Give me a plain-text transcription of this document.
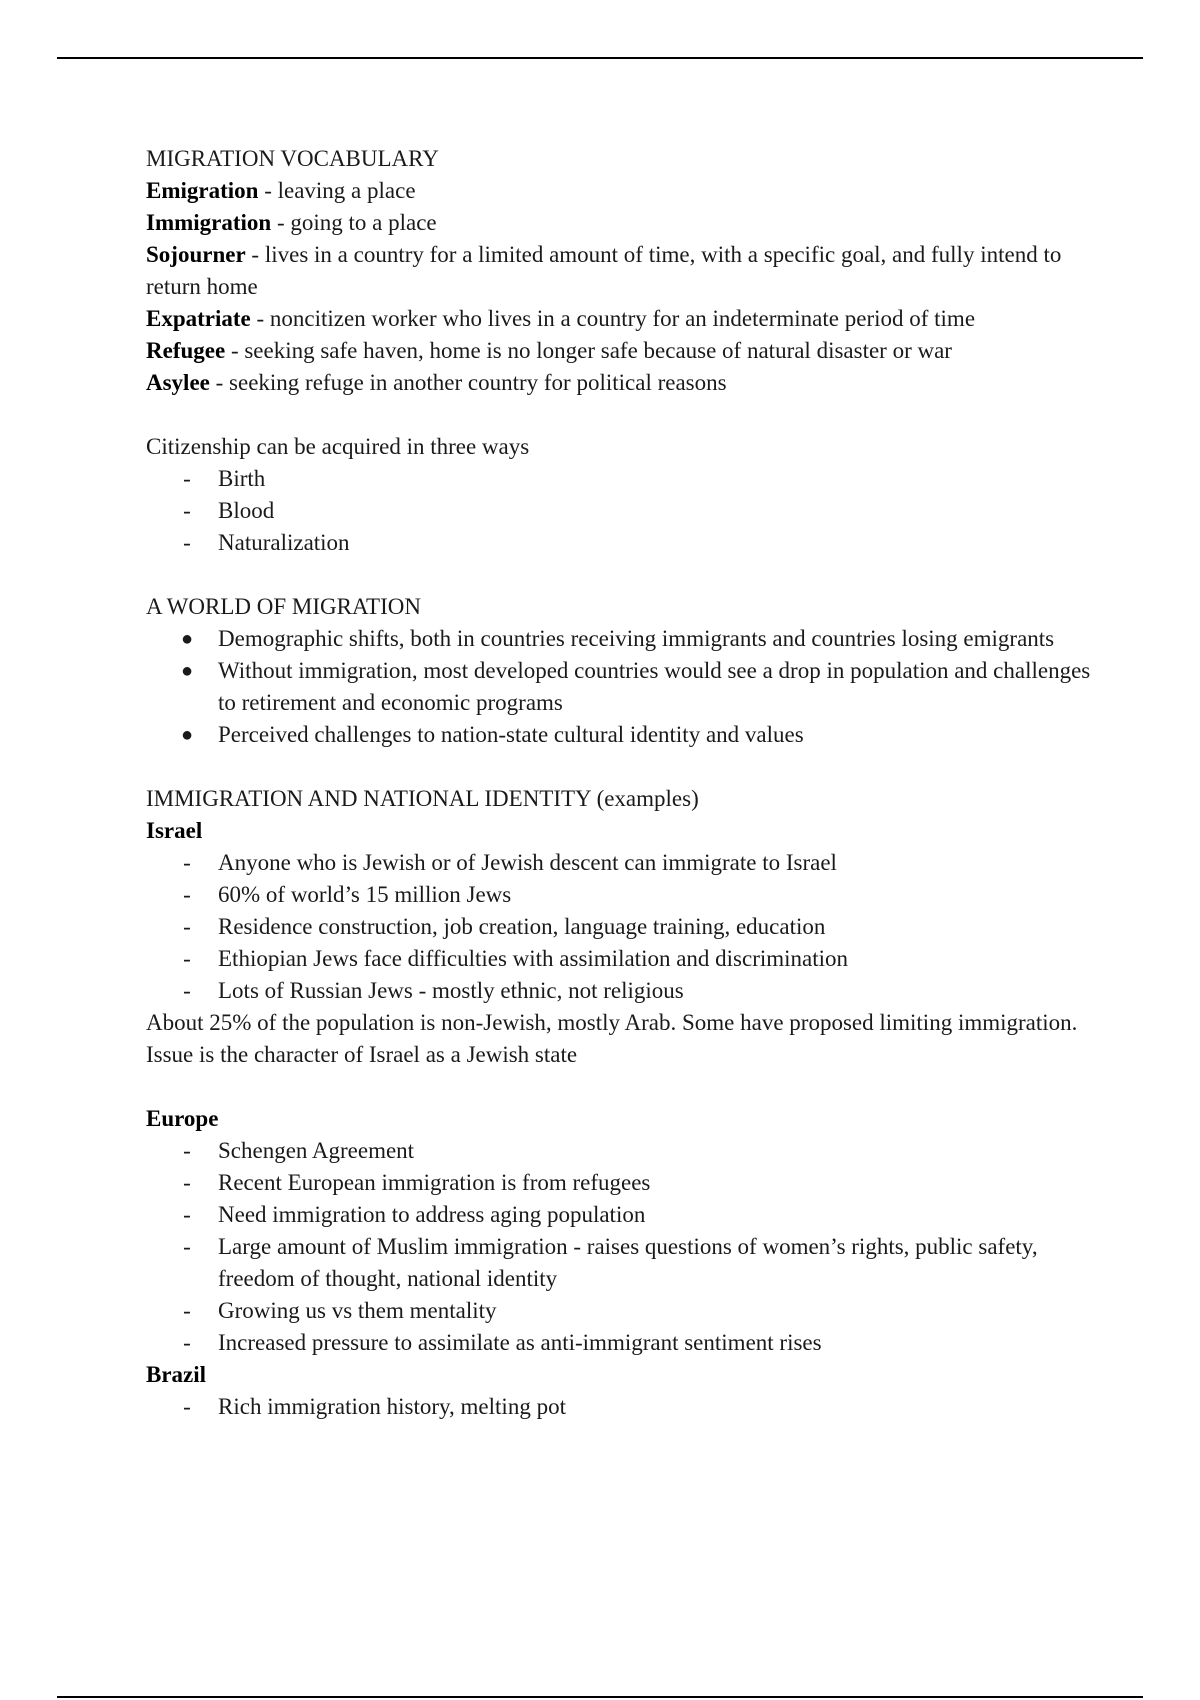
MIGRATION VOCABULARY

Emigration - leaving a place

Immigration - going to a place

Sojourner - lives in a country for a limited amount of time, with a specific goal, and fully intend to return home

Expatriate - noncitizen worker who lives in a country for an indeterminate period of time

Refugee - seeking safe haven, home is no longer safe because of natural disaster or war

Asylee - seeking refuge in another country for political reasons

Citizenship can be acquired in three ways

- Birth
- Blood
- Naturalization

A WORLD OF MIGRATION

● Demographic shifts, both in countries receiving immigrants and countries losing emigrants
● Without immigration, most developed countries would see a drop in population and challenges to retirement and economic programs
● Perceived challenges to nation-state cultural identity and values

IMMIGRATION AND NATIONAL IDENTITY (examples)

Israel

- Anyone who is Jewish or of Jewish descent can immigrate to Israel
- 60% of world’s 15 million Jews
- Residence construction, job creation, language training, education
- Ethiopian Jews face difficulties with assimilation and discrimination
- Lots of Russian Jews - mostly ethnic, not religious

About 25% of the population is non-Jewish, mostly Arab. Some have proposed limiting immigration. Issue is the character of Israel as a Jewish state

Europe

- Schengen Agreement
- Recent European immigration is from refugees
- Need immigration to address aging population
- Large amount of Muslim immigration - raises questions of women’s rights, public safety, freedom of thought, national identity
- Growing us vs them mentality
- Increased pressure to assimilate as anti-immigrant sentiment rises

Brazil

- Rich immigration history, melting pot
